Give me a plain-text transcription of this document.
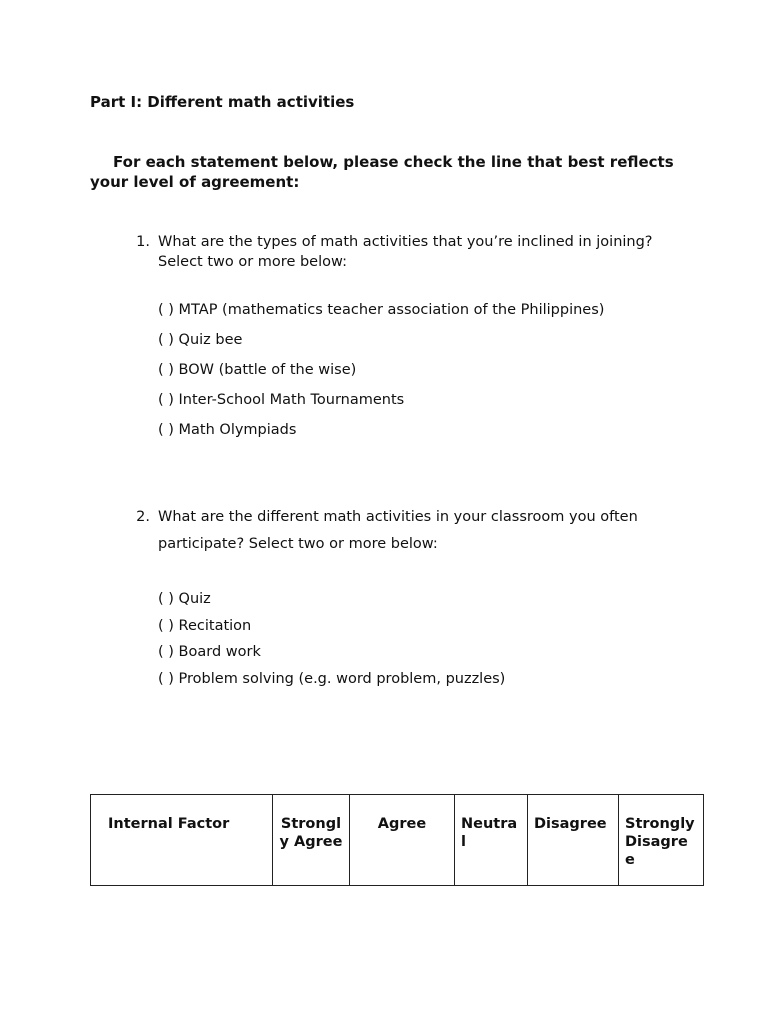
Part I: Different math activities
For each statement below, please check the line that best reflects
your level of agreement:
1. What are the types of math activities that you’re inclined in joining?
Select two or more below:
( ) MTAP (mathematics teacher association of the Philippines)
( ) Quiz bee
( ) BOW (battle of the wise)
( ) Inter-School Math Tournaments
( ) Math Olympiads
2. What are the different math activities in your classroom you often
participate? Select two or more below:
( ) Quiz
( ) Recitation
( ) Board work
( ) Problem solving (e.g. word problem, puzzles)
Internal Factor	Strongly Agree	Agree	Neutral	Disagree	Strongly Disagree
